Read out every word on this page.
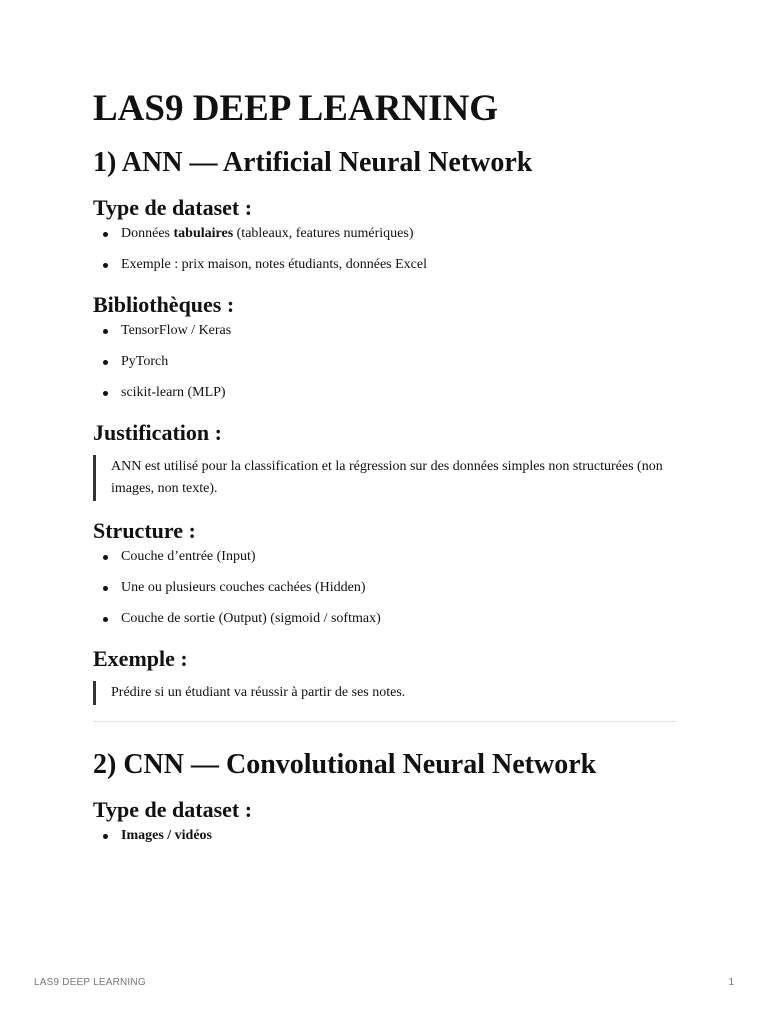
LAS9 DEEP LEARNING
1) ANN — Artificial Neural Network
Type de dataset :
Données tabulaires (tableaux, features numériques)
Exemple : prix maison, notes étudiants, données Excel
Bibliothèques :
TensorFlow / Keras
PyTorch
scikit-learn (MLP)
Justification :
ANN est utilisé pour la classification et la régression sur des données simples non structurées (non images, non texte).
Structure :
Couche d’entrée (Input)
Une ou plusieurs couches cachées (Hidden)
Couche de sortie (Output) (sigmoid / softmax)
Exemple :
Prédire si un étudiant va réussir à partir de ses notes.
2) CNN — Convolutional Neural Network
Type de dataset :
Images / vidéos
LAS9 DEEP LEARNING	1
